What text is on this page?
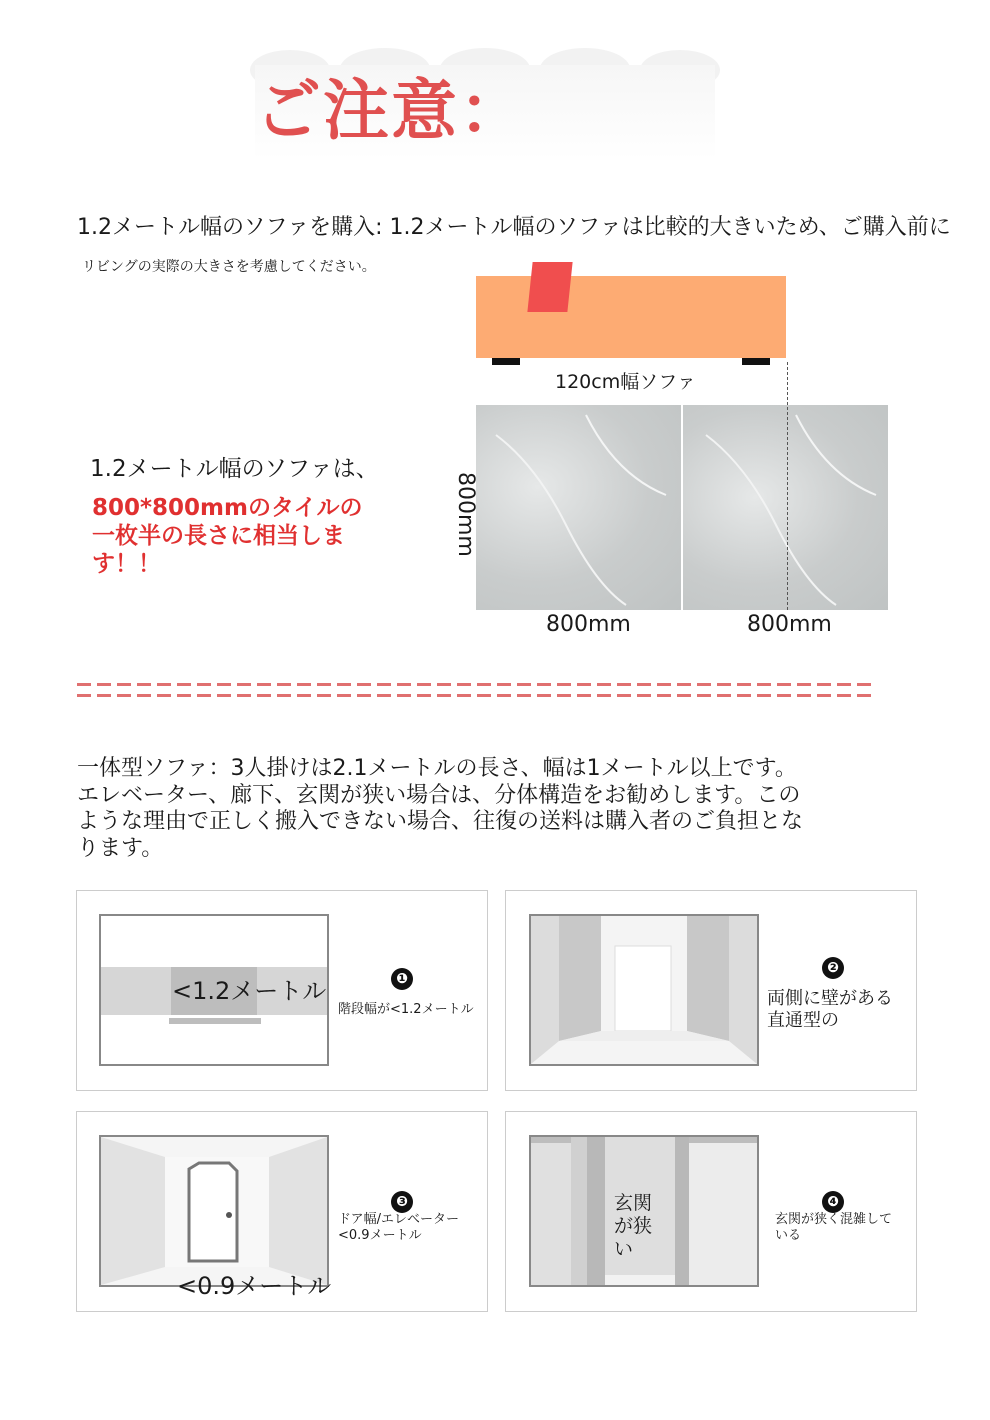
ご注意：
1.2メートル幅のソファを購入: 1.2メートル幅のソファは比較的大きいため、ご購入前に
リビングの実際の大きさを考慮してください。
120cm幅ソファ
1.2メートル幅のソファは、
800*800mmのタイルの一枚半の長さに相当します！！
800mm
800mm	800mm
一体型ソファ：3人掛けは2.1メートルの長さ、幅は1メートル以上です。エレベーター、廊下、玄関が狭い場合は、分体構造をお勧めします。このような理由で正しく搬入できない場合、往復の送料は購入者のご負担となります。
<1.2メートル	❶
階段幅が<1.2メートル
❷
両側に壁がある直通型の
<0.9メートル
❸
ドア幅/エレベーター<0.9メートル
玄関が狭い
❹
玄関が狭く混雑している
